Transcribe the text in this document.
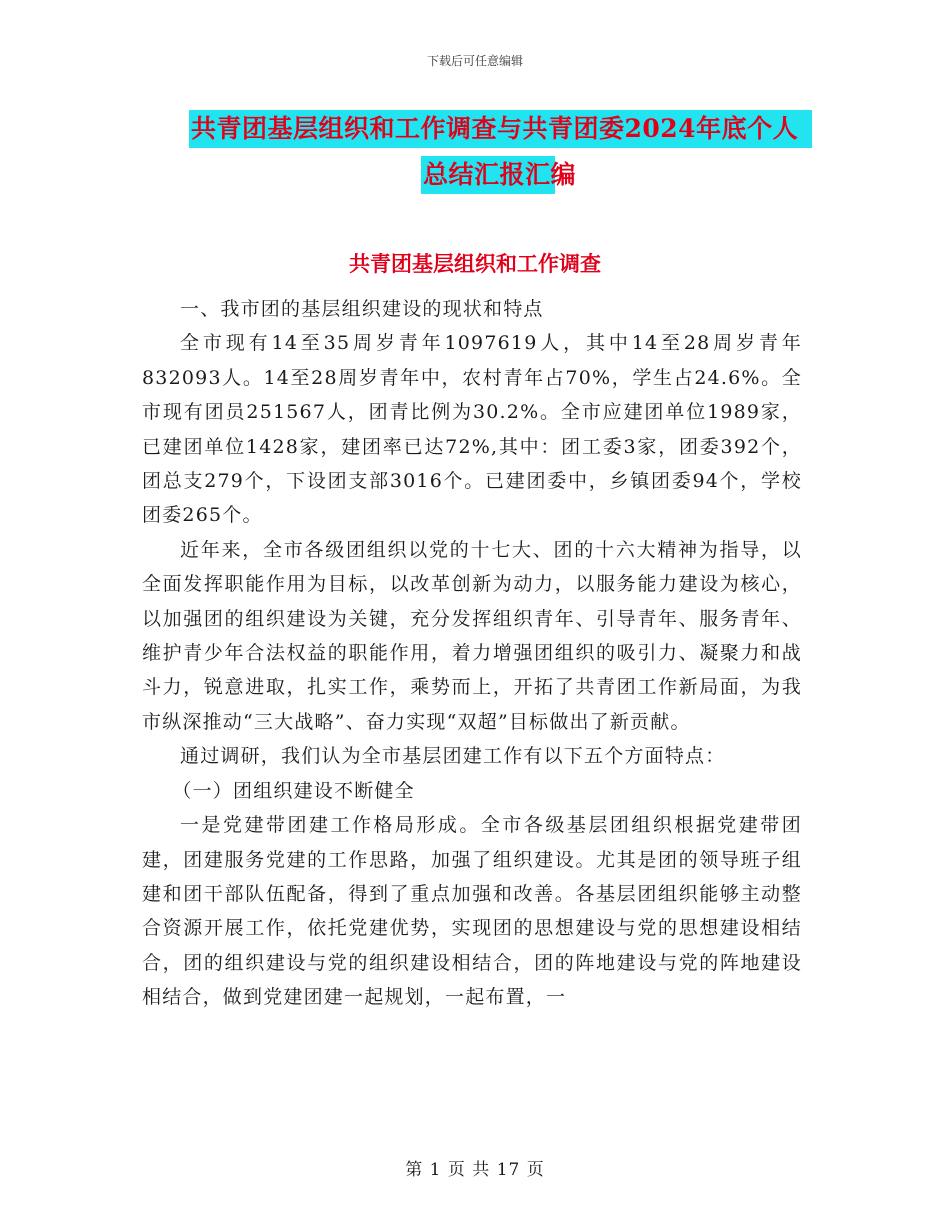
下载后可任意编辑
共青团基层组织和工作调查与共青团委2024年底个人
总结汇报汇编
共青团基层组织和工作调查

一、我市团的基层组织建设的现状和特点

全市现有14至35周岁青年1097619人，其中14至28周岁青年832093人。14至28周岁青年中，农村青年占70%，学生占24.6%。全市现有团员251567人，团青比例为30.2%。全市应建团单位1989家，已建团单位1428家，建团率已达72%,其中：团工委3家，团委392个，团总支279个，下设团支部3016个。已建团委中，乡镇团委94个，学校团委265个。

近年来，全市各级团组织以党的十七大、团的十六大精神为指导，以全面发挥职能作用为目标，以改革创新为动力，以服务能力建设为核心，以加强团的组织建设为关键，充分发挥组织青年、引导青年、服务青年、维护青少年合法权益的职能作用，着力增强团组织的吸引力、凝聚力和战斗力，锐意进取，扎实工作，乘势而上，开拓了共青团工作新局面，为我市纵深推动“三大战略”、奋力实现“双超”目标做出了新贡献。

通过调研，我们认为全市基层团建工作有以下五个方面特点：

（一）团组织建设不断健全

一是党建带团建工作格局形成。全市各级基层团组织根据党建带团建，团建服务党建的工作思路，加强了组织建设。尤其是团的领导班子组建和团干部队伍配备，得到了重点加强和改善。各基层团组织能够主动整合资源开展工作，依托党建优势，实现团的思想建设与党的思想建设相结合，团的组织建设与党的组织建设相结合，团的阵地建设与党的阵地建设相结合，做到党建团建一起规划，一起布置，一

第 1 页 共 17 页
